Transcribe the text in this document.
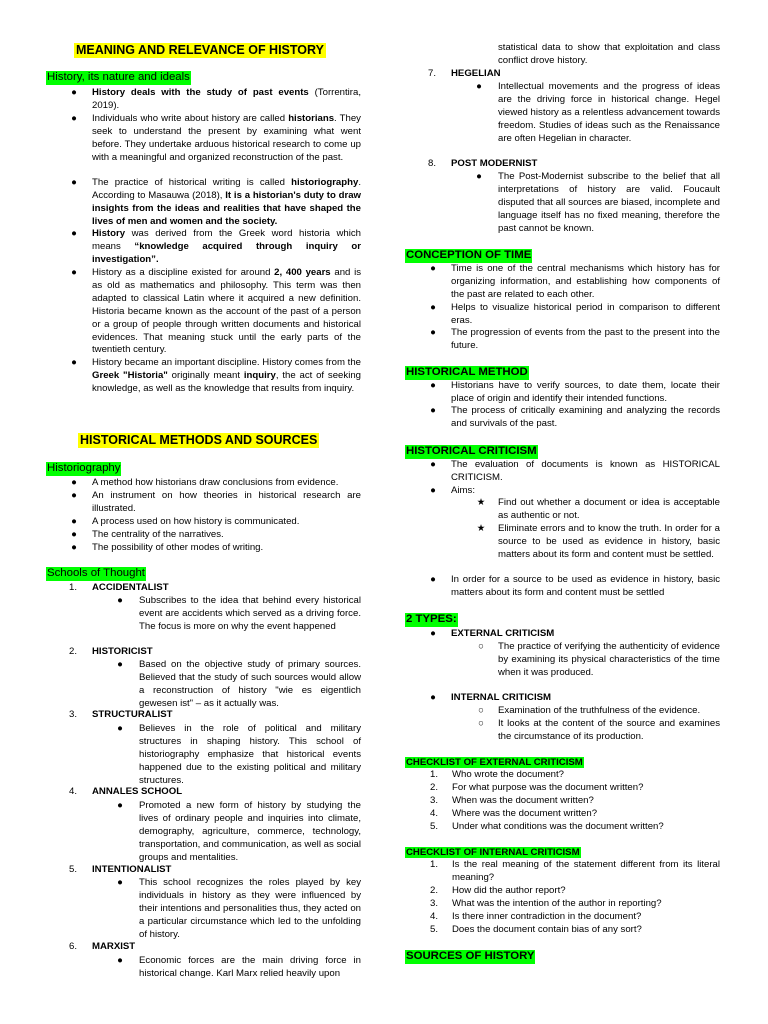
MEANING AND RELEVANCE OF HISTORY
History, its nature and ideals
● History deals with the study of past events (Torrentira, 2019).

● Individuals who write about history are called historians. They seek to understand the present by examining what went before. They undertake arduous historical research to come up with a meaningful and organized reconstruction of the past.

● The practice of historical writing is called historiography. According to Masauwa (2018), It is a historian's duty to draw insights from the ideas and realities that have shaped the lives of men and women and the society.

● History was derived from the Greek word historia which means “knowledge acquired through inquiry or investigation”.

● History as a discipline existed for around 2, 400 years and is as old as mathematics and philosophy. This term was then adapted to classical Latin where it acquired a new definition. Historia became known as the account of the past of a person or a group of people through written documents and historical evidences. That meaning stuck until the early parts of the twentieth century.

● History became an important discipline. History comes from the Greek "Historia" originally meant inquiry, the act of seeking knowledge, as well as the knowledge that results from inquiry.

HISTORICAL METHODS AND SOURCES
Historiography
● A method how historians draw conclusions from evidence.

● An instrument on how theories in historical research are illustrated.

● A process used on how history is communicated.

● The centrality of the narratives.

● The possibility of other modes of writing.

Schools of Thought
1.	ACCIDENTALIST
● Subscribes to the idea that behind every historical event are accidents which served as a driving force. The focus is more on why the event happened

2.	HISTORICIST
● Based on the objective study of primary sources. Believed that the study of such sources would allow a reconstruction of history "wie es eigentlich gewesen ist" – as it actually was.

3.	STRUCTURALIST
● Believes in the role of political and military structures in shaping history. This school of historiography emphasize that historical events happened due to the existing political and military structures.

4.	ANNALES SCHOOL
● Promoted a new form of history by studying the lives of ordinary people and inquiries into climate, demography, agriculture, commerce, technology, transportation, and communication, as well as social groups and mentalities.

5.	INTENTIONALIST
● This school recognizes the roles played by key individuals in history as they were influenced by their intentions and personalities thus, they acted on a particular circumstance which led to the unfolding of history.

6.	MARXIST
● Economic forces are the main driving force in historical change. Karl Marx relied heavily upon

statistical data to show that exploitation and class conflict drove history.

7.	HEGELIAN
● Intellectual movements and the progress of ideas are the driving force in historical change. Hegel viewed history as a relentless advancement towards freedom. Studies of ideas such as the Renaissance are often Hegelian in character.

8.	POST MODERNIST
● The Post-Modernist subscribe to the belief that all interpretations of history are valid. Foucault disputed that all sources are biased, incomplete and language itself has no fixed meaning, therefore the past cannot be known.

CONCEPTION OF TIME
● Time is one of the central mechanisms which history has for organizing information, and establishing how components of the past are related to each other.

● Helps to visualize historical period in comparison to different eras.

● The progression of events from the past to the present into the future.

HISTORICAL METHOD
● Historians have to verify sources, to date them, locate their place of origin and identify their intended functions.

● The process of critically examining and analyzing the records and survivals of the past.

HISTORICAL CRITICISM
● The evaluation of documents is known as HISTORICAL CRITICISM.

● Aims:

★ Find out whether a document or idea is acceptable as authentic or not.

★ Eliminate errors and to know the truth. In order for a source to be used as evidence in history, basic matters about its form and content must be settled.

● In order for a source to be used as evidence in history, basic matters about its form and content must be settled

2 TYPES:
● EXTERNAL CRITICISM
○ The practice of verifying the authenticity of evidence by examining its physical characteristics of the time when it was produced.

● INTERNAL CRITICISM
○ Examination of the truthfulness of the evidence.

○ It looks at the content of the source and examines the circumstance of its production.

CHECKLIST OF EXTERNAL CRITICISM
1.	Who wrote the document?
2.	For what purpose was the document written?
3.	When was the document written?
4.	Where was the document written?
5.	Under what conditions was the document written?
CHECKLIST OF INTERNAL CRITICISM
1.	Is the real meaning of the statement different from its literal meaning?

2.	How did the author report?
3.	What was the intention of the author in reporting?
4.	Is there inner contradiction in the document?
5.	Does the document contain bias of any sort?
SOURCES OF HISTORY
